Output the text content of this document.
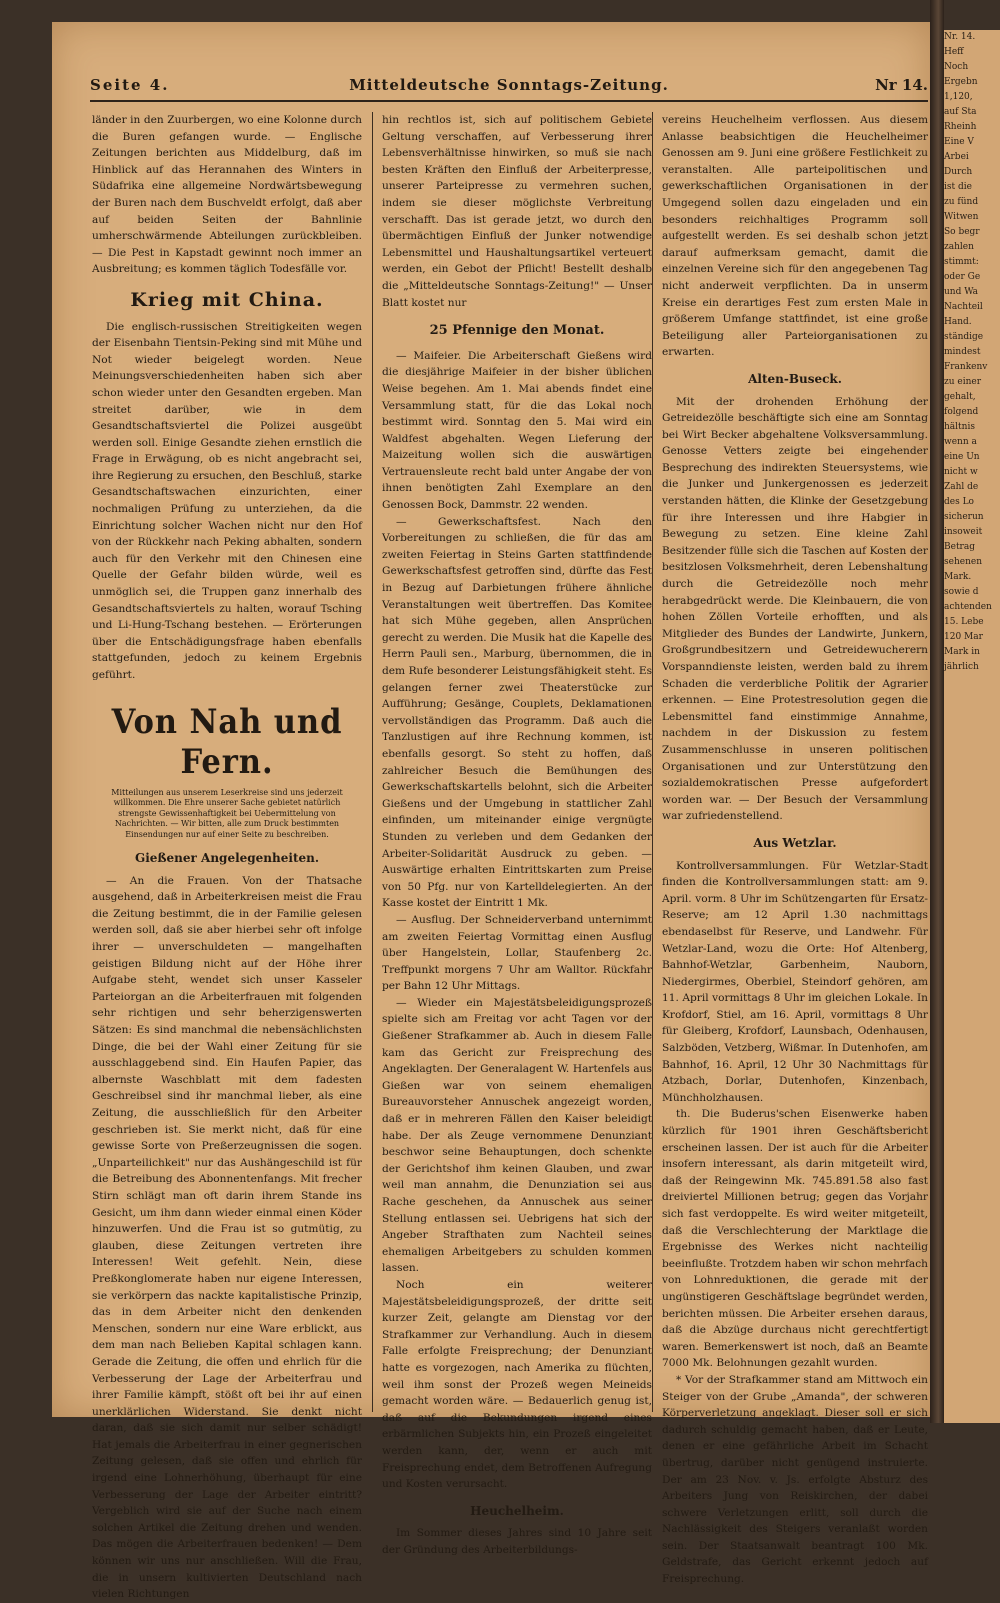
Seite 4.	Mitteldeutsche Sonntags-Zeitung.	Nr 14.

länder in den Zuurbergen, wo eine Kolonne durch die Buren gefangen wurde. — Englische Zeitungen berichten aus Middelburg, daß im Hinblick auf das Herannahen des Winters in Südafrika eine allgemeine Nordwärtsbewegung der Buren nach dem Buschveldt erfolgt, daß aber auf beiden Seiten der Bahnlinie umherschwärmende Abteilungen zurückbleiben. — Die Pest in Kapstadt gewinnt noch immer an Ausbreitung; es kommen täglich Todesfälle vor.

Krieg mit China.

Die englisch-russischen Streitigkeiten wegen der Eisenbahn Tientsin-Peking sind mit Mühe und Not wieder beigelegt worden. Neue Meinungsverschiedenheiten haben sich aber schon wieder unter den Gesandten ergeben. Man streitet darüber, wie in dem Gesandtschaftsviertel die Polizei ausgeübt werden soll. Einige Gesandte ziehen ernstlich die Frage in Erwägung, ob es nicht angebracht sei, ihre Regierung zu ersuchen, den Beschluß, starke Gesandtschaftswachen einzurichten, einer nochmaligen Prüfung zu unterziehen, da die Einrichtung solcher Wachen nicht nur den Hof von der Rückkehr nach Peking abhalten, sondern auch für den Verkehr mit den Chinesen eine Quelle der Gefahr bilden würde, weil es unmöglich sei, die Truppen ganz innerhalb des Gesandtschaftsviertels zu halten, worauf Tsching und Li-Hung-Tschang bestehen. — Erörterungen über die Entschädigungsfrage haben ebenfalls stattgefunden, jedoch zu keinem Ergebnis geführt.

Von Nah und Fern.
Mitteilungen aus unserem Leserkreise sind uns jederzeit willkommen. Die Ehre unserer Sache gebietet natürlich strengste Gewissenhaftigkeit bei Uebermittelung von Nachrichten. — Wir bitten, alle zum Druck bestimmten Einsendungen nur auf einer Seite zu beschreiben.
Gießener Angelegenheiten.

— An die Frauen. Von der Thatsache ausgehend, daß in Arbeiterkreisen meist die Frau die Zeitung bestimmt, die in der Familie gelesen werden soll, daß sie aber hierbei sehr oft infolge ihrer — unverschuldeten — mangelhaften geistigen Bildung nicht auf der Höhe ihrer Aufgabe steht, wendet sich unser Kasseler Parteiorgan an die Arbeiterfrauen mit folgenden sehr richtigen und sehr beherzigenswerten Sätzen: Es sind manchmal die nebensächlichsten Dinge, die bei der Wahl einer Zeitung für sie ausschlaggebend sind. Ein Haufen Papier, das albernste Waschblatt mit dem fadesten Geschreibsel sind ihr manchmal lieber, als eine Zeitung, die ausschließlich für den Arbeiter geschrieben ist. Sie merkt nicht, daß für eine gewisse Sorte von Preßerzeugnissen die sogen. „Unparteilichkeit" nur das Aushängeschild ist für die Betreibung des Abonnentenfangs. Mit frecher Stirn schlägt man oft darin ihrem Stande ins Gesicht, um ihm dann wieder einmal einen Köder hinzuwerfen. Und die Frau ist so gutmütig, zu glauben, diese Zeitungen vertreten ihre Interessen! Weit gefehlt. Nein, diese Preßkonglomerate haben nur eigene Interessen, sie verkörpern das nackte kapitalistische Prinzip, das in dem Arbeiter nicht den denkenden Menschen, sondern nur eine Ware erblickt, aus dem man nach Belieben Kapital schlagen kann. Gerade die Zeitung, die offen und ehrlich für die Verbesserung der Lage der Arbeiterfrau und ihrer Familie kämpft, stößt oft bei ihr auf einen unerklärlichen Widerstand. Sie denkt nicht daran, daß sie sich damit nur selber schädigt! Hat jemals die Arbeiterfrau in einer gegnerischen Zeitung gelesen, daß sie offen und ehrlich für irgend eine Lohnerhöhung, überhaupt für eine Verbesserung der Lage der Arbeiter eintritt? Vergeblich wird sie auf der Suche nach einem solchen Artikel die Zeitung drehen und wenden. Das mögen die Arbeiterfrauen bedenken! — Dem können wir uns nur anschließen. Will die Frau, die in unsern kultivierten Deutschland nach vielen Richtungen

hin rechtlos ist, sich auf politischem Gebiete Geltung verschaffen, auf Verbesserung ihrer Lebensverhältnisse hinwirken, so muß sie nach besten Kräften den Einfluß der Arbeiterpresse, unserer Parteipresse zu vermehren suchen, indem sie dieser möglichste Verbreitung verschafft. Das ist gerade jetzt, wo durch den übermächtigen Einfluß der Junker notwendige Lebensmittel und Haushaltungsartikel verteuert werden, ein Gebot der Pflicht! Bestellt deshalb die „Mitteldeutsche Sonntags-Zeitung!" — Unser Blatt kostet nur

25 Pfennige den Monat.

— Maifeier. Die Arbeiterschaft Gießens wird die diesjährige Maifeier in der bisher üblichen Weise begehen. Am 1. Mai abends findet eine Versammlung statt, für die das Lokal noch bestimmt wird. Sonntag den 5. Mai wird ein Waldfest abgehalten. Wegen Lieferung der Maizeitung wollen sich die auswärtigen Vertrauensleute recht bald unter Angabe der von ihnen benötigten Zahl Exemplare an den Genossen Bock, Dammstr. 22 wenden.

— Gewerkschaftsfest. Nach den Vorbereitungen zu schließen, die für das am zweiten Feiertag in Steins Garten stattfindende Gewerkschaftsfest getroffen sind, dürfte das Fest in Bezug auf Darbietungen frühere ähnliche Veranstaltungen weit übertreffen. Das Komitee hat sich Mühe gegeben, allen Ansprüchen gerecht zu werden. Die Musik hat die Kapelle des Herrn Pauli sen., Marburg, übernommen, die in dem Rufe besonderer Leistungsfähigkeit steht. Es gelangen ferner zwei Theaterstücke zur Aufführung; Gesänge, Couplets, Deklamationen vervollständigen das Programm. Daß auch die Tanzlustigen auf ihre Rechnung kommen, ist ebenfalls gesorgt. So steht zu hoffen, daß zahlreicher Besuch die Bemühungen des Gewerkschaftskartells belohnt, sich die Arbeiter Gießens und der Umgebung in stattlicher Zahl einfinden, um miteinander einige vergnügte Stunden zu verleben und dem Gedanken der Arbeiter-Solidarität Ausdruck zu geben. — Auswärtige erhalten Eintrittskarten zum Preise von 50 Pfg. nur von Kartelldelegierten. An der Kasse kostet der Eintritt 1 Mk.

— Ausflug. Der Schneiderverband unternimmt am zweiten Feiertag Vormittag einen Ausflug über Hangelstein, Lollar, Staufenberg 2c. Treffpunkt morgens 7 Uhr am Walltor. Rückfahr per Bahn 12 Uhr Mittags.

— Wieder ein Majestätsbeleidigungsprozeß spielte sich am Freitag vor acht Tagen vor der Gießener Strafkammer ab. Auch in diesem Falle kam das Gericht zur Freisprechung des Angeklagten. Der Generalagent W. Hartenfels aus Gießen war von seinem ehemaligen Bureauvorsteher Annuschek angezeigt worden, daß er in mehreren Fällen den Kaiser beleidigt habe. Der als Zeuge vernommene Denunziant beschwor seine Behauptungen, doch schenkte der Gerichtshof ihm keinen Glauben, und zwar weil man annahm, die Denunziation sei aus Rache geschehen, da Annuschek aus seiner Stellung entlassen sei. Uebrigens hat sich der Angeber Strafthaten zum Nachteil seines ehemaligen Arbeitgebers zu schulden kommen lassen.

Noch ein weiterer Majestätsbeleidigungsprozeß, der dritte seit kurzer Zeit, gelangte am Dienstag vor der Strafkammer zur Verhandlung. Auch in diesem Falle erfolgte Freisprechung; der Denunziant hatte es vorgezogen, nach Amerika zu flüchten, weil ihm sonst der Prozeß wegen Meineids gemacht worden wäre. — Bedauerlich genug ist, daß auf die Bekundungen irgend eines erbärmlichen Subjekts hin, ein Prozeß eingeleitet werden kann, der, wenn er auch mit Freisprechung endet, dem Betroffenen Aufregung und Kosten verursacht.

Heuchelheim.

Im Sommer dieses Jahres sind 10 Jahre seit der Gründung des Arbeiterbildungs-

vereins Heuchelheim verflossen. Aus diesem Anlasse beabsichtigen die Heuchelheimer Genossen am 9. Juni eine größere Festlichkeit zu veranstalten. Alle parteipolitischen und gewerkschaftlichen Organisationen in der Umgegend sollen dazu eingeladen und ein besonders reichhaltiges Programm soll aufgestellt werden. Es sei deshalb schon jetzt darauf aufmerksam gemacht, damit die einzelnen Vereine sich für den angegebenen Tag nicht anderweit verpflichten. Da in unserm Kreise ein derartiges Fest zum ersten Male in größerem Umfange stattfindet, ist eine große Beteiligung aller Parteiorganisationen zu erwarten.

Alten-Buseck.

Mit der drohenden Erhöhung der Getreidezölle beschäftigte sich eine am Sonntag bei Wirt Becker abgehaltene Volksversammlung. Genosse Vetters zeigte bei eingehender Besprechung des indirekten Steuersystems, wie die Junker und Junkergenossen es jederzeit verstanden hätten, die Klinke der Gesetzgebung für ihre Interessen und ihre Habgier in Bewegung zu setzen. Eine kleine Zahl Besitzender fülle sich die Taschen auf Kosten der besitzlosen Volksmehrheit, deren Lebenshaltung durch die Getreidezölle noch mehr herabgedrückt werde. Die Kleinbauern, die von hohen Zöllen Vorteile erhofften, und als Mitglieder des Bundes der Landwirte, Junkern, Großgrundbesitzern und Getreidewucherern Vorspanndienste leisten, werden bald zu ihrem Schaden die verderbliche Politik der Agrarier erkennen. — Eine Protestresolution gegen die Lebensmittel fand einstimmige Annahme, nachdem in der Diskussion zu festem Zusammenschlusse in unseren politischen Organisationen und zur Unterstützung den sozialdemokratischen Presse aufgefordert worden war. — Der Besuch der Versammlung war zufriedenstellend.

Aus Wetzlar.

Kontrollversammlungen. Für Wetzlar-Stadt finden die Kontrollversammlungen statt: am 9. April. vorm. 8 Uhr im Schützengarten für Ersatz-Reserve; am 12 April 1.30 nachmittags ebendaselbst für Reserve, und Landwehr. Für Wetzlar-Land, wozu die Orte: Hof Altenberg, Bahnhof-Wetzlar, Garbenheim, Nauborn, Niedergirmes, Oberbiel, Steindorf gehören, am 11. April vormittags 8 Uhr im gleichen Lokale. In Krofdorf, Stiel, am 16. April, vormittags 8 Uhr für Gleiberg, Krofdorf, Launsbach, Odenhausen, Salzböden, Vetzberg, Wißmar. In Dutenhofen, am Bahnhof, 16. April, 12 Uhr 30 Nachmittags für Atzbach, Dorlar, Dutenhofen, Kinzenbach, Münchholzhausen.

th. Die Buderus'schen Eisenwerke haben kürzlich für 1901 ihren Geschäftsbericht erscheinen lassen. Der ist auch für die Arbeiter insofern interessant, als darin mitgeteilt wird, daß der Reingewinn Mk. 745.891.58 also fast dreiviertel Millionen betrug; gegen das Vorjahr sich fast verdoppelte. Es wird weiter mitgeteilt, daß die Verschlechterung der Marktlage die Ergebnisse des Werkes nicht nachteilig beeinflußte. Trotzdem haben wir schon mehrfach von Lohnreduktionen, die gerade mit der ungünstigeren Geschäftslage begründet werden, berichten müssen. Die Arbeiter ersehen daraus, daß die Abzüge durchaus nicht gerechtfertigt waren. Bemerkenswert ist noch, daß an Beamte 7000 Mk. Belohnungen gezahlt wurden.

* Vor der Strafkammer stand am Mittwoch ein Steiger von der Grube „Amanda", der schweren Körperverletzung angeklagt. Dieser soll er sich dadurch schuldig gemacht haben, daß er Leute, denen er eine gefährliche Arbeit im Schacht übertrug, darüber nicht genügend instruierte. Der am 23 Nov. v. Js. erfolgte Absturz des Arbeiters Jung von Reiskirchen, der dabei schwere Verletzungen erlitt, soll durch die Nachlässigkeit des Steigers veranlaßt worden sein. Der Staatsanwalt beantragt 100 Mk. Geldstrafe, das Gericht erkennt jedoch auf Freisprechung.

Nr. 14.
Heff
Noch
Ergebn
1,120,
auf Sta
Rheinh
Eine V
Arbei
Durch
ist die
zu fünd
Witwen
So begr
zahlen
stimmt:
oder Ge
und Wa
Nachteil
Hand.
ständige
mindest
Frankenv
zu einer
gehalt,
folgend
hältnis
wenn a
eine Un
nicht w
Zahl de
des Lo
sicherun
insoweit
Betrag
sehenen
Mark.
sowie d
achtenden
15. Lebe
120 Mar
Mark in
jährlich
